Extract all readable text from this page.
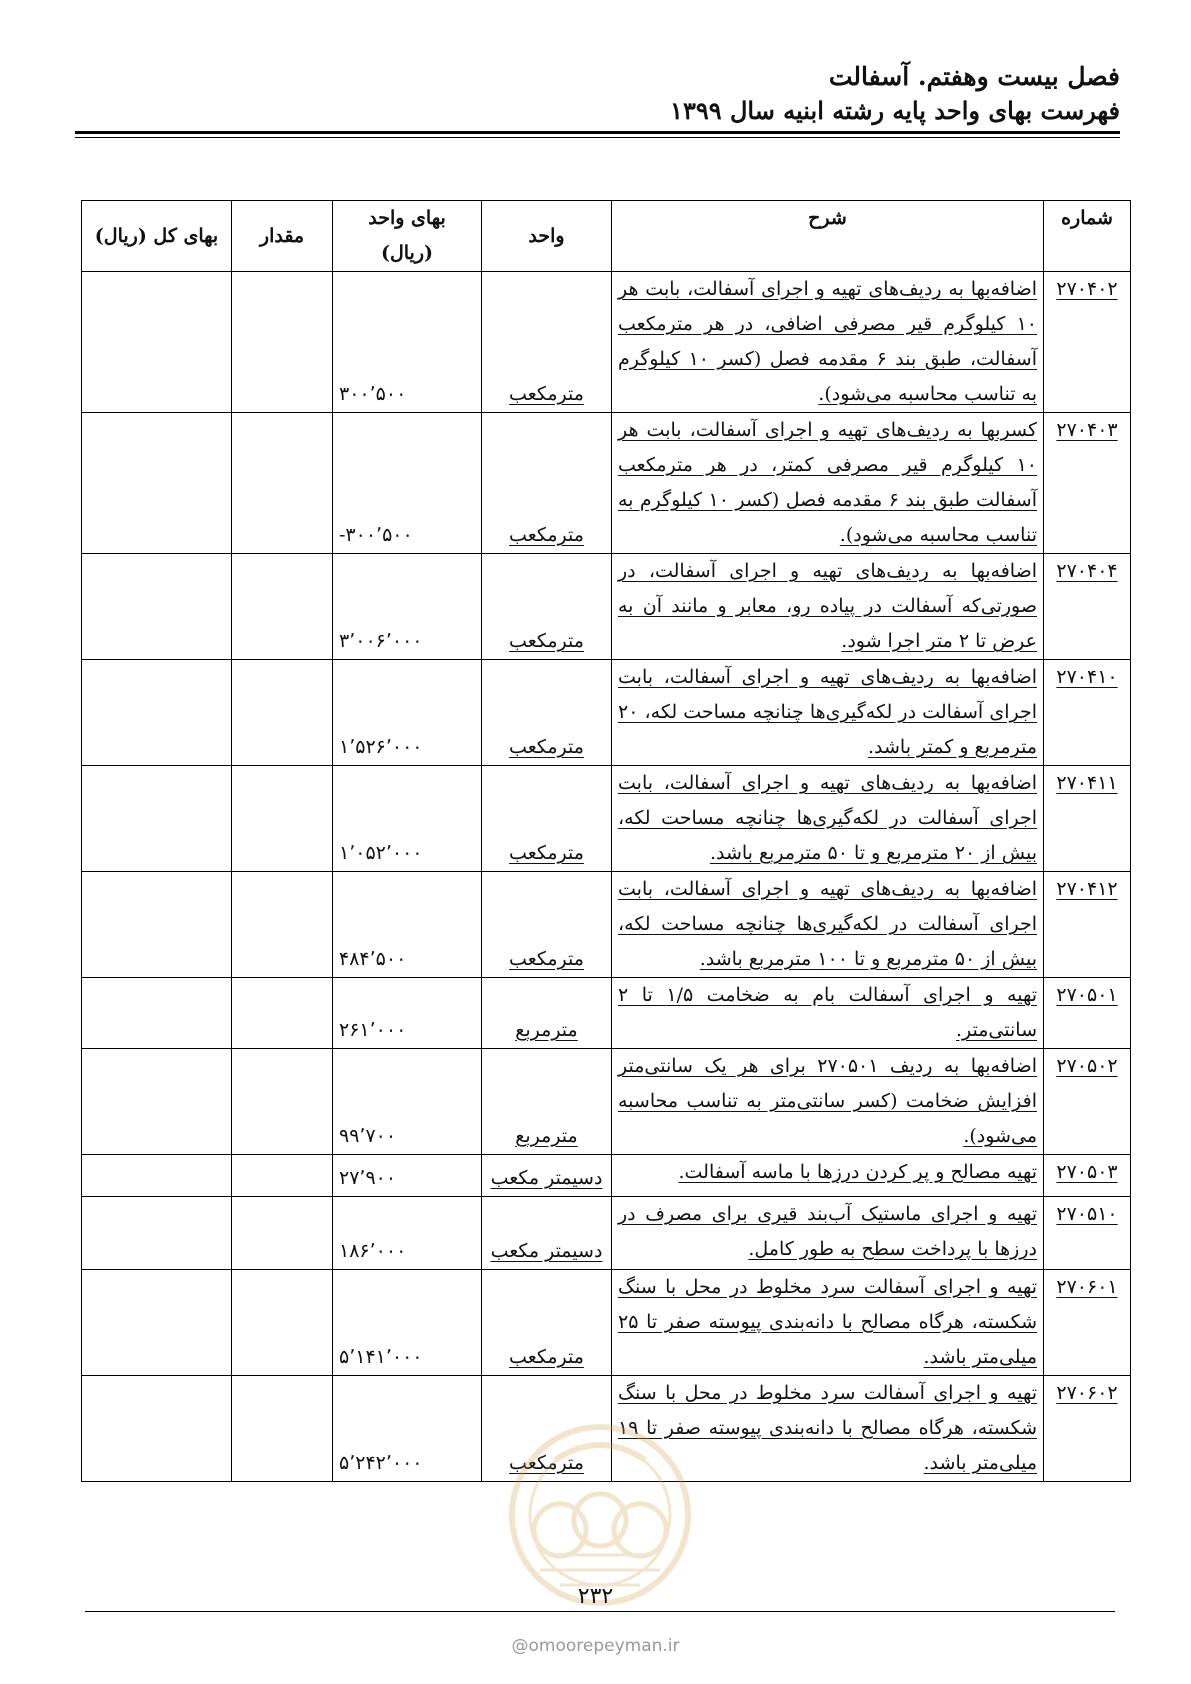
فصل بیست وهفتم. آسفالت
فهرست بهای واحد پایه رشته ابنیه سال ۱۳۹۹
شماره	شرح	واحد	بهای واحد (ریال)	مقدار	بهای کل (ریال)
۲۷۰۴۰۲	اضافه‌بها به ردیف‌های تهیه و اجرای آسفالت، بابت هر ۱۰ کیلوگرم قیر مصرفی اضافی، در هر مترمکعب آسفالت، طبق بند ۶ مقدمه فصل (کسر ۱۰ کیلوگرم به تناسب محاسبه می‌شود).	مترمکعب	۳۰۰٬۵۰۰		
۲۷۰۴۰۳	کسربها به ردیف‌های تهیه و اجرای آسفالت، بابت هر ۱۰ کیلوگرم قیر مصرفی کمتر، در هر مترمکعب آسفالت طبق بند ۶ مقدمه فصل (کسر ۱۰ کیلوگرم به تناسب محاسبه می‌شود).	مترمکعب	-۳۰۰٬۵۰۰		
۲۷۰۴۰۴	اضافه‌بها به ردیف‌های تهیه و اجرای آسفالت، در صورتی‌که آسفالت در پیاده رو، معابر و مانند آن به عرض تا ۲ متر اجرا شود.	مترمکعب	۳٬۰۰۶٬۰۰۰		
۲۷۰۴۱۰	اضافه‌بها به ردیف‌های تهیه و اجرای آسفالت، بابت اجرای آسفالت در لکه‌گیری‌ها چنانچه مساحت لکه، ۲۰ مترمربع و کمتر باشد.	مترمکعب	۱٬۵۲۶٬۰۰۰		
۲۷۰۴۱۱	اضافه‌بها به ردیف‌های تهیه و اجرای آسفالت، بابت اجرای آسفالت در لکه‌گیری‌ها چنانچه مساحت لکه، بیش از ۲۰ مترمربع و تا ۵۰ مترمربع باشد.	مترمکعب	۱٬۰۵۲٬۰۰۰		
۲۷۰۴۱۲	اضافه‌بها به ردیف‌های تهیه و اجرای آسفالت، بابت اجرای آسفالت در لکه‌گیری‌ها چنانچه مساحت لکه، بیش از ۵۰ مترمربع و تا ۱۰۰ مترمربع باشد.	مترمکعب	۴۸۴٬۵۰۰		
۲۷۰۵۰۱	تهیه و اجرای آسفالت بام به ضخامت ۱/۵ تا ۲ سانتی‌متر.	مترمربع	۲۶۱٬۰۰۰		
۲۷۰۵۰۲	اضافه‌بها به ردیف ۲۷۰۵۰۱ برای هر یک سانتی‌متر افزایش ضخامت (کسر سانتی‌متر به تناسب محاسبه می‌شود).	مترمربع	۹۹٬۷۰۰		
۲۷۰۵۰۳	تهیه مصالح و پر کردن درزها با ماسه آسفالت.	دسیمتر مکعب	۲۷٬۹۰۰		
۲۷۰۵۱۰	تهیه و اجرای ماستیک آب‌بند قیری برای مصرف در درزها با پرداخت سطح به طور کامل.	دسیمتر مکعب	۱۸۶٬۰۰۰		
۲۷۰۶۰۱	تهیه و اجرای آسفالت سرد مخلوط در محل با سنگ شکسته، هرگاه مصالح با دانه‌بندی پیوسته صفر تا ۲۵ میلی‌متر باشد.	مترمکعب	۵٬۱۴۱٬۰۰۰		
۲۷۰۶۰۲	تهیه و اجرای آسفالت سرد مخلوط در محل با سنگ شکسته، هرگاه مصالح با دانه‌بندی پیوسته صفر تا ۱۹ میلی‌متر باشد.	مترمکعب	۵٬۲۴۲٬۰۰۰		
۲۳۲
@omoorepeyman.ir
